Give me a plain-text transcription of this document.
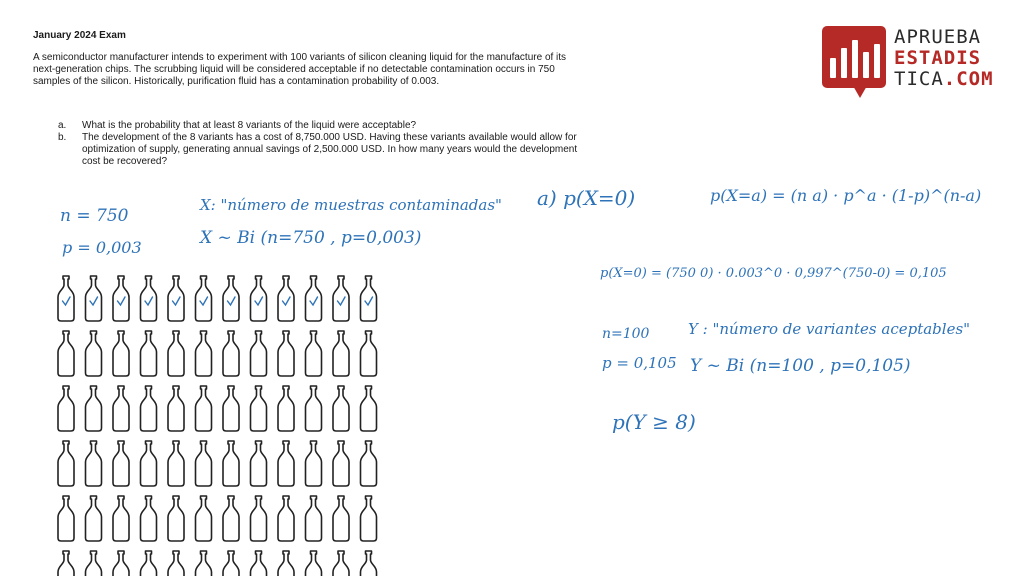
January 2024 Exam
A semiconductor manufacturer intends to experiment with 100 variants of silicon cleaning liquid for the manufacture of its next-generation chips. The scrubbing liquid will be considered acceptable if no detectable contamination occurs in 750 samples of the silicon. Historically, purification fluid has a contamination probability of 0.003.
a. What is the probability that at least 8 variants of the liquid were acceptable?
b. The development of the 8 variants has a cost of 8,750.000 USD. Having these variants available would allow for optimization of supply, generating annual savings of 2,500.000 USD. In how many years would the development cost be recovered?
APRUEBA
ESTADIS
TICA.COM
n = 750
p = 0,003
X: "número de muestras contaminadas"
X ~ Bi (n=750 , p=0,003)
a) p(X=0)	p(X=a) = (n a) · p^a · (1-p)^(n-a)
p(X=0) = (750 0) · 0.003^0 · 0,997^(750-0) = 0,105
n=100
p = 0,105
Y : "número de variantes aceptables"
Y ~ Bi (n=100 , p=0,105)
p(Y ≥ 8)
